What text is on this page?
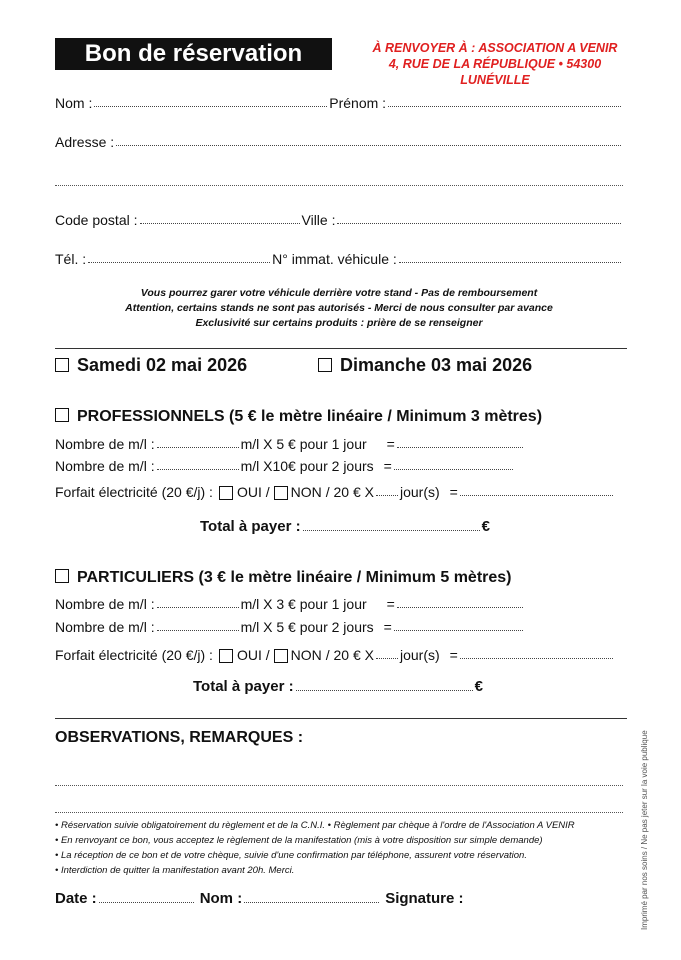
Bon de réservation	À RENVOYER À : ASSOCIATION A VENIR
4, RUE DE LA RÉPUBLIQUE • 54300 LUNÉVILLE
Nom :	Prénom :
Adresse :
Code postal :	Ville :
Tél. :	N° immat. véhicule :
Vous pourrez garer votre véhicule derrière votre stand - Pas de remboursement
Attention, certains stands ne sont pas autorisés - Merci de nous consulter par avance
Exclusivité sur certains produits : prière de se renseigner
Samedi 02 mai 2026	Dimanche 03 mai 2026
PROFESSIONNELS (5 € le mètre linéaire / Minimum 3 mètres)
Nombre de m/l :	m/l X 5 € pour 1 jour =
Nombre de m/l :	m/l X10€ pour 2 jours =
Forfait électricité (20 €/j) : OUI / NON / 20 € X jour(s) =
Total à payer :	€
PARTICULIERS (3 € le mètre linéaire / Minimum 5 mètres)
Nombre de m/l :	m/l X 3 € pour 1 jour =
Nombre de m/l :	m/l X 5 € pour 2 jours =
Forfait électricité (20 €/j) : OUI / NON / 20 € X jour(s) =
Total à payer :	€
OBSERVATIONS, REMARQUES :
• Réservation suivie obligatoirement du règlement et de la C.N.I. • Règlement par chèque à l'ordre de l'Association A VENIR
• En renvoyant ce bon, vous acceptez le règlement de la manifestation (mis à votre disposition sur simple demande)
• La réception de ce bon et de votre chèque, suivie d'une confirmation par téléphone, assurent votre réservation.
• Interdiction de quitter la manifestation avant 20h. Merci.
Date :	Nom :	Signature :	Imprimé par nos soins / Ne pas jeter sur la voie publique
